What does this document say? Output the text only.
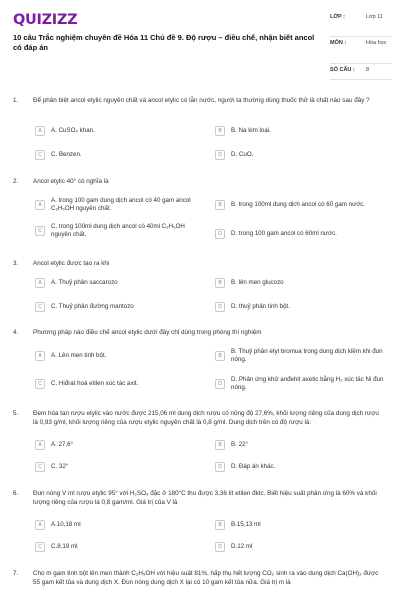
QUIZIZZ
10 câu Trắc nghiệm chuyên đề Hóa 11 Chủ đề 9. Độ rượu – điều chế, nhận biết ancol có đáp án
LỚP :	Lớp 11
MÔN :	Hóa học
SỐ CÂU : 8
1. Để phân biệt ancol etylic nguyên chất và ancol etylic có lẫn nước, người ta thường dùng thuốc thử là chất nào sau đây ?
A	A. CuSO₄ khan.	B	B. Na kim loại.
C	C. Benzen.	D	D. CuO.
2. Ancol etylic 40° có nghĩa là
A
A. trong 100 gam dung dịch ancol có 40 gam ancol C₂H₅OH nguyên chất.	B	B. trong 100ml dung dịch ancol có 60 gam nước.
C
C. trong 100ml dung dịch ancol có 40ml C₂H₅OH nguyên chất.	D	D. trong 100 gam ancol có 60ml nước.
3. Ancol etylic được tạo ra khi
A	A. Thuỷ phân saccarozo	B	B. lên men glucozo
C	C. Thuỷ phân đường mantozo	D	D. thuỷ phân tinh bột.
4. Phương pháp nào điều chế ancol etylic dưới đây chỉ dùng trong phòng thí nghiệm
A	A. Lên men tinh bột.	B
B. Thuỷ phân etyl bromua trong dung dịch kiềm khi đun nóng.
C	C. Hiđrat hoá etilen xúc tác axit.	D
D. Phản ứng khử anđehit axetic bằng H₂ xúc tác Ni đun nóng.
5. Đem hóa tan rượu etylic vào nước được 215,06 ml dung dịch rượu có nồng độ 27,6%, khối lượng riêng của dung dịch rượu là 0,93 g/ml, khối lượng riêng của rượu etylic nguyên chất là 0,8 g/ml. Dung dịch trên có độ rượu là:
A	A. 27,6°	B	B. 22°
C	C. 32°	D	D. Đáp án khác.
6. Đun nóng V ml rượu etylic 95° với H₂SO₄ đặc ở 180°C thu được 3,36 lít etilen đktc. Biết hiệu suất phản ứng là 60% và khối lượng riêng của rượu là 0,8 gam/ml. Giá trị của V là
A	A.10,18 ml	B	B.15,13 ml
C	C.8,19 ml	D	D.12 ml
7. Cho m gam tinh bột lên men thành C₂H₅OH với hiệu suất 81%, hấp thụ hết lượng CO₂ sinh ra vào dung dịch Ca(OH)₂ được 55 gam kết tủa và dung dịch X. Đun nóng dung dịch X lại có 10 gam kết tủa nữa. Giá trị m là
